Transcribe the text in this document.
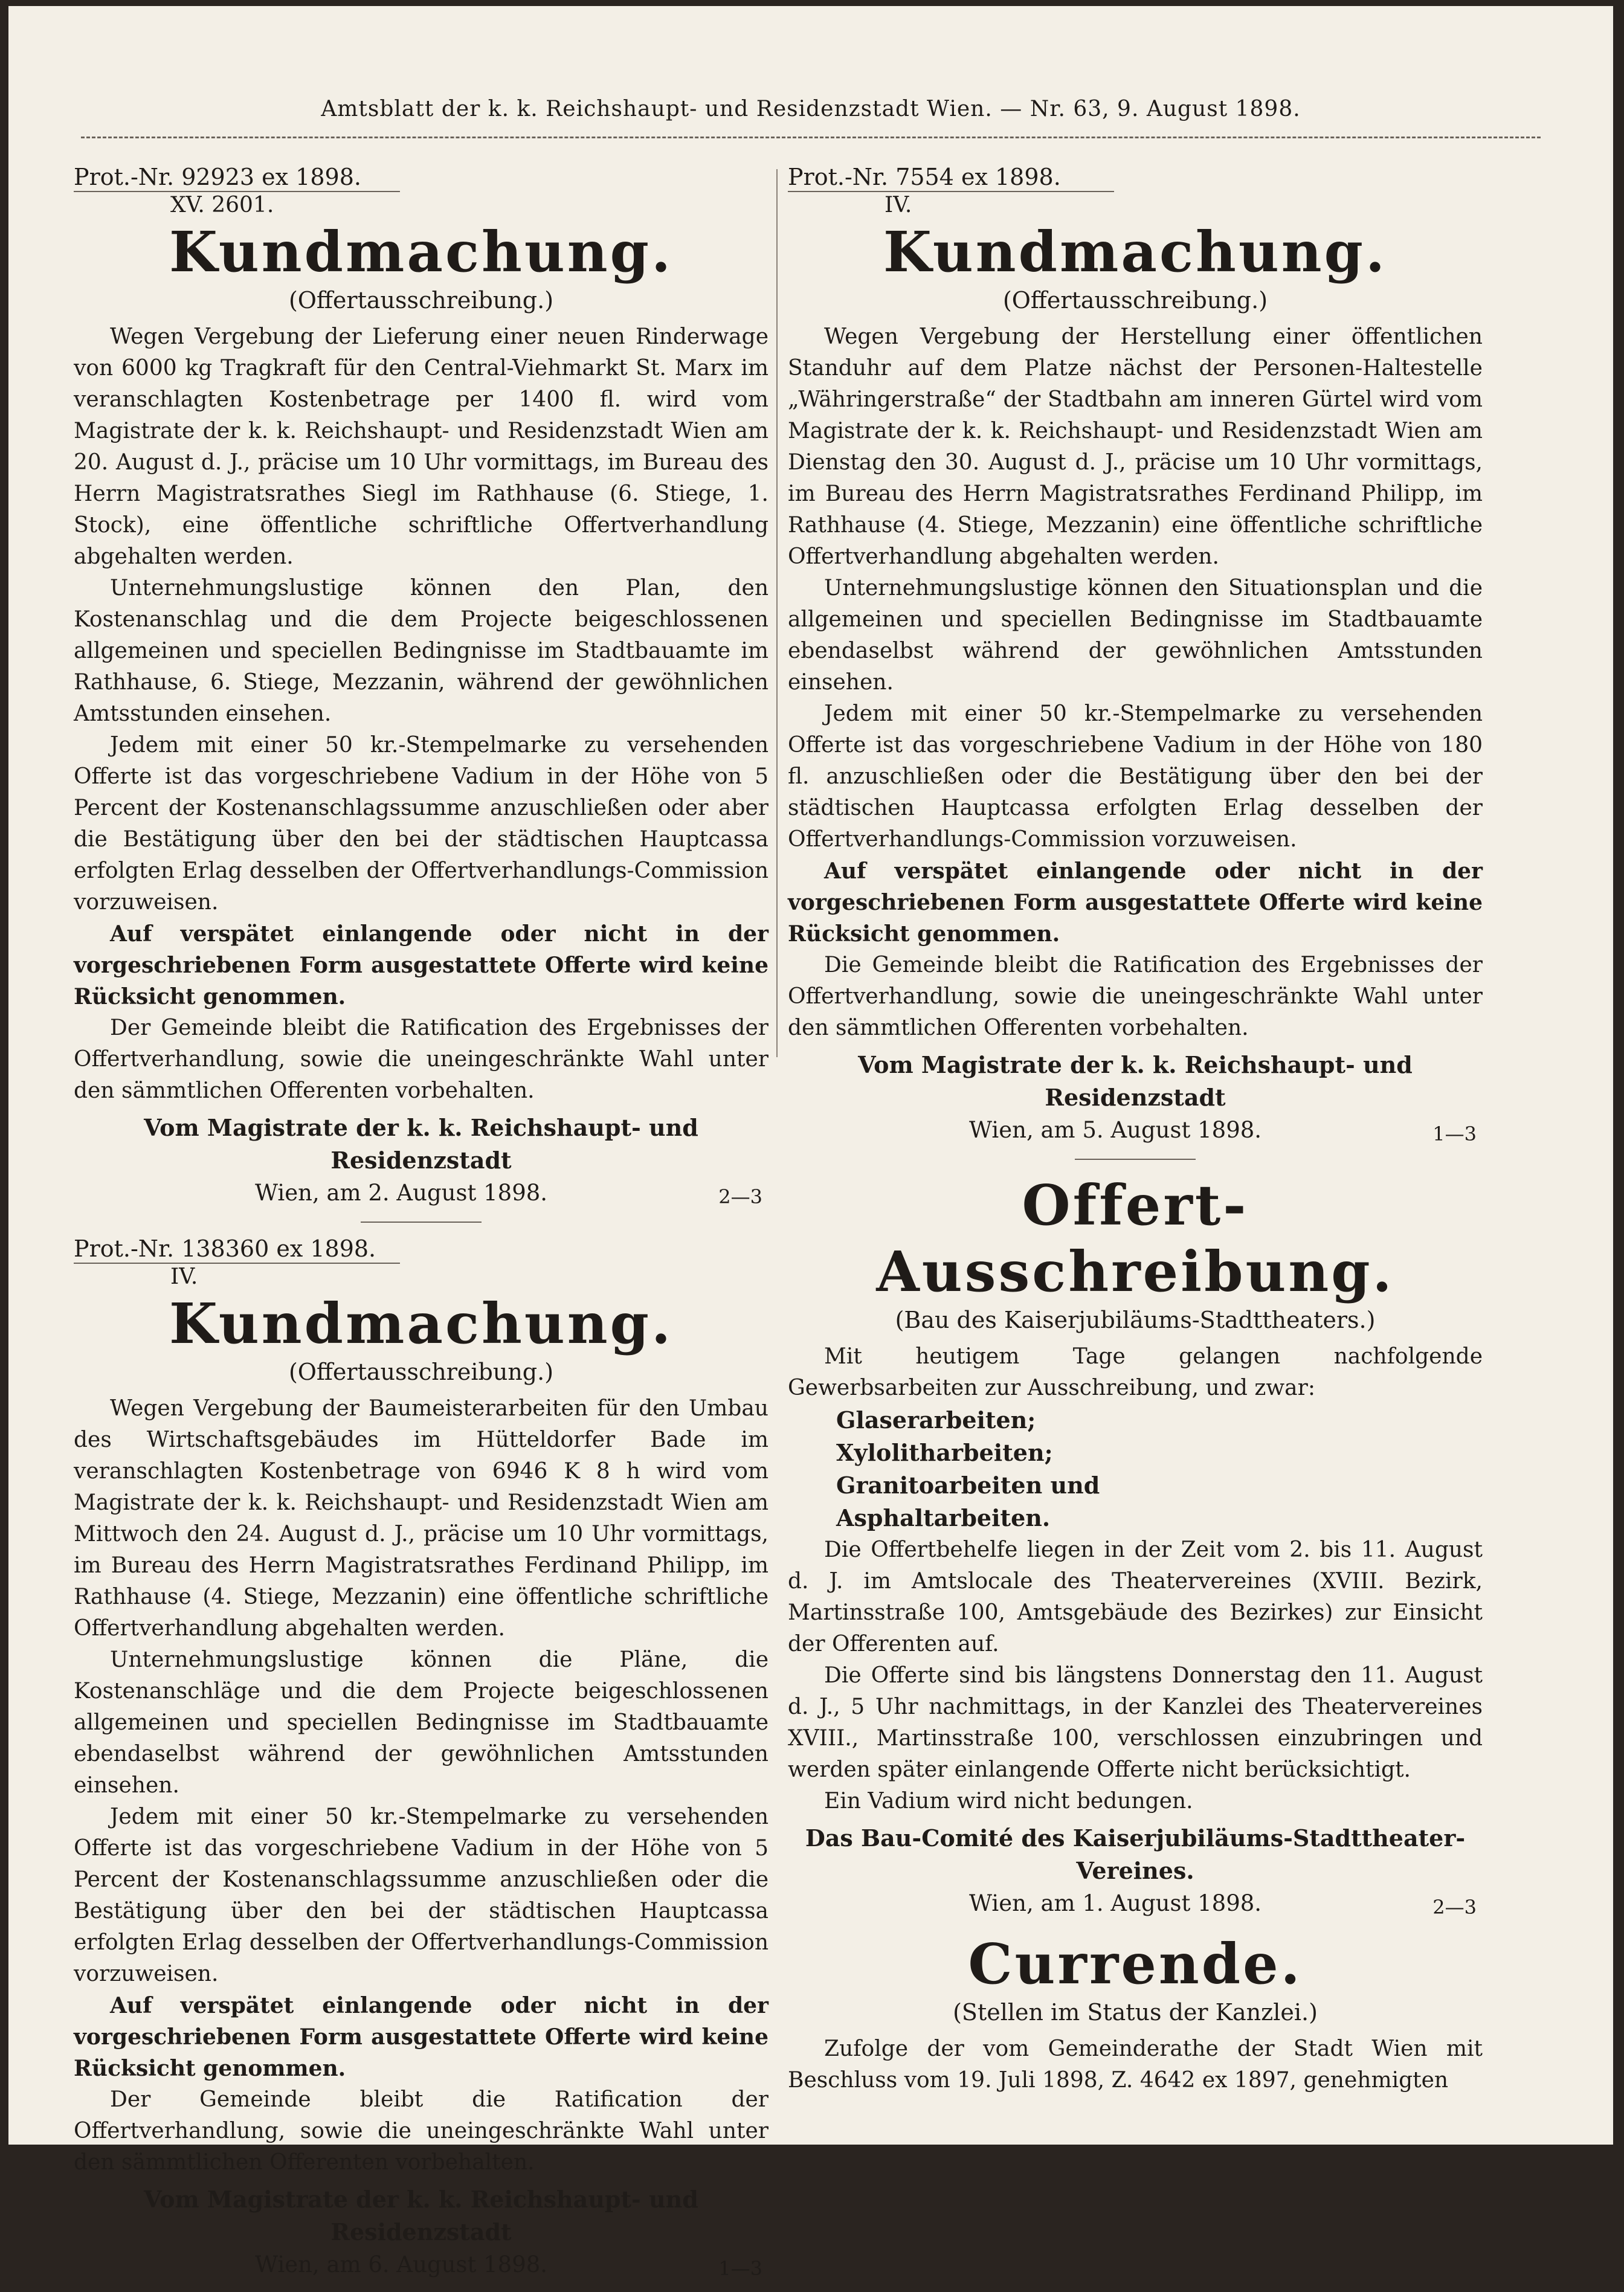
Amtsblatt der k. k. Reichshaupt- und Residenzstadt Wien. — Nr. 63, 9. August 1898.
Prot.-Nr. 92923 ex 1898.
XV. 2601.
Kundmachung.
(Offertausschreibung.)

Wegen Vergebung der Lieferung einer neuen Rinderwage von 6000 kg Tragkraft für den Central-Viehmarkt St. Marx im veranschlagten Kostenbetrage per 1400 fl. wird vom Magistrate der k. k. Reichshaupt- und Residenzstadt Wien am 20. August d. J., präcise um 10 Uhr vormittags, im Bureau des Herrn Magistratsrathes Siegl im Rathhause (6. Stiege, 1. Stock), eine öffentliche schriftliche Offertverhandlung abgehalten werden.

Unternehmungslustige können den Plan, den Kostenanschlag und die dem Projecte beigeschlossenen allgemeinen und speciellen Bedingnisse im Stadtbauamte im Rathhause, 6. Stiege, Mezzanin, während der gewöhnlichen Amtsstunden einsehen.

Jedem mit einer 50 kr.-Stempelmarke zu versehenden Offerte ist das vorgeschriebene Vadium in der Höhe von 5 Percent der Kostenanschlagssumme anzuschließen oder aber die Bestätigung über den bei der städtischen Hauptcassa erfolgten Erlag desselben der Offertverhandlungs-Commission vorzuweisen.

Auf verspätet einlangende oder nicht in der vorgeschriebenen Form ausgestattete Offerte wird keine Rücksicht genommen.

Der Gemeinde bleibt die Ratification des Ergebnisses der Offertverhandlung, sowie die uneingeschränkte Wahl unter den sämmtlichen Offerenten vorbehalten.

Vom Magistrate der k. k. Reichshaupt- und Residenzstadt
Wien, am 2. August 1898.	2—3
Prot.-Nr. 138360 ex 1898.
IV.
Kundmachung.
(Offertausschreibung.)

Wegen Vergebung der Baumeisterarbeiten für den Umbau des Wirtschaftsgebäudes im Hütteldorfer Bade im veranschlagten Kostenbetrage von 6946 K 8 h wird vom Magistrate der k. k. Reichshaupt- und Residenzstadt Wien am Mittwoch den 24. August d. J., präcise um 10 Uhr vormittags, im Bureau des Herrn Magistratsrathes Ferdinand Philipp, im Rathhause (4. Stiege, Mezzanin) eine öffentliche schriftliche Offertverhandlung abgehalten werden.

Unternehmungslustige können die Pläne, die Kostenanschläge und die dem Projecte beigeschlossenen allgemeinen und speciellen Bedingnisse im Stadtbauamte ebendaselbst während der gewöhnlichen Amtsstunden einsehen.

Jedem mit einer 50 kr.-Stempelmarke zu versehenden Offerte ist das vorgeschriebene Vadium in der Höhe von 5 Percent der Kostenanschlagssumme anzuschließen oder die Bestätigung über den bei der städtischen Hauptcassa erfolgten Erlag desselben der Offertverhandlungs-Commission vorzuweisen.

Auf verspätet einlangende oder nicht in der vorgeschriebenen Form ausgestattete Offerte wird keine Rücksicht genommen.

Der Gemeinde bleibt die Ratification der Offertverhandlung, sowie die uneingeschränkte Wahl unter den sämmtlichen Offerenten vorbehalten.

Vom Magistrate der k. k. Reichshaupt- und Residenzstadt
Wien, am 6. August 1898.	1—3
Prot.-Nr. 7554 ex 1898.
IV.
Kundmachung.
(Offertausschreibung.)

Wegen Vergebung der Herstellung einer öffentlichen Standuhr auf dem Platze nächst der Personen-Haltestelle „Währingerstraße“ der Stadtbahn am inneren Gürtel wird vom Magistrate der k. k. Reichshaupt- und Residenzstadt Wien am Dienstag den 30. August d. J., präcise um 10 Uhr vormittags, im Bureau des Herrn Magistratsrathes Ferdinand Philipp, im Rathhause (4. Stiege, Mezzanin) eine öffentliche schriftliche Offertverhandlung abgehalten werden.

Unternehmungslustige können den Situationsplan und die allgemeinen und speciellen Bedingnisse im Stadtbauamte ebendaselbst während der gewöhnlichen Amtsstunden einsehen.

Jedem mit einer 50 kr.-Stempelmarke zu versehenden Offerte ist das vorgeschriebene Vadium in der Höhe von 180 fl. anzuschließen oder die Bestätigung über den bei der städtischen Hauptcassa erfolgten Erlag desselben der Offertverhandlungs-Commission vorzuweisen.

Auf verspätet einlangende oder nicht in der vorgeschriebenen Form ausgestattete Offerte wird keine Rücksicht genommen.

Die Gemeinde bleibt die Ratification des Ergebnisses der Offertverhandlung, sowie die uneingeschränkte Wahl unter den sämmtlichen Offerenten vorbehalten.

Vom Magistrate der k. k. Reichshaupt- und Residenzstadt
Wien, am 5. August 1898.	1—3
Offert-Ausschreibung.
(Bau des Kaiserjubiläums-Stadttheaters.)

Mit heutigem Tage gelangen nachfolgende Gewerbsarbeiten zur Ausschreibung, und zwar:

Glaserarbeiten;
Xylolitharbeiten;
Granitoarbeiten und
Asphaltarbeiten.

Die Offertbehelfe liegen in der Zeit vom 2. bis 11. August d. J. im Amtslocale des Theatervereines (XVIII. Bezirk, Martinsstraße 100, Amtsgebäude des Bezirkes) zur Einsicht der Offerenten auf.

Die Offerte sind bis längstens Donnerstag den 11. August d. J., 5 Uhr nachmittags, in der Kanzlei des Theatervereines XVIII., Martinsstraße 100, verschlossen einzubringen und werden später einlangende Offerte nicht berücksichtigt.

Ein Vadium wird nicht bedungen.

Das Bau-Comité des Kaiserjubiläums-Stadttheater-Vereines.
Wien, am 1. August 1898.	2—3
Currende.
(Stellen im Status der Kanzlei.)

Zufolge der vom Gemeinderathe der Stadt Wien mit Beschluss vom 19. Juli 1898, Z. 4642 ex 1897, genehmigten
